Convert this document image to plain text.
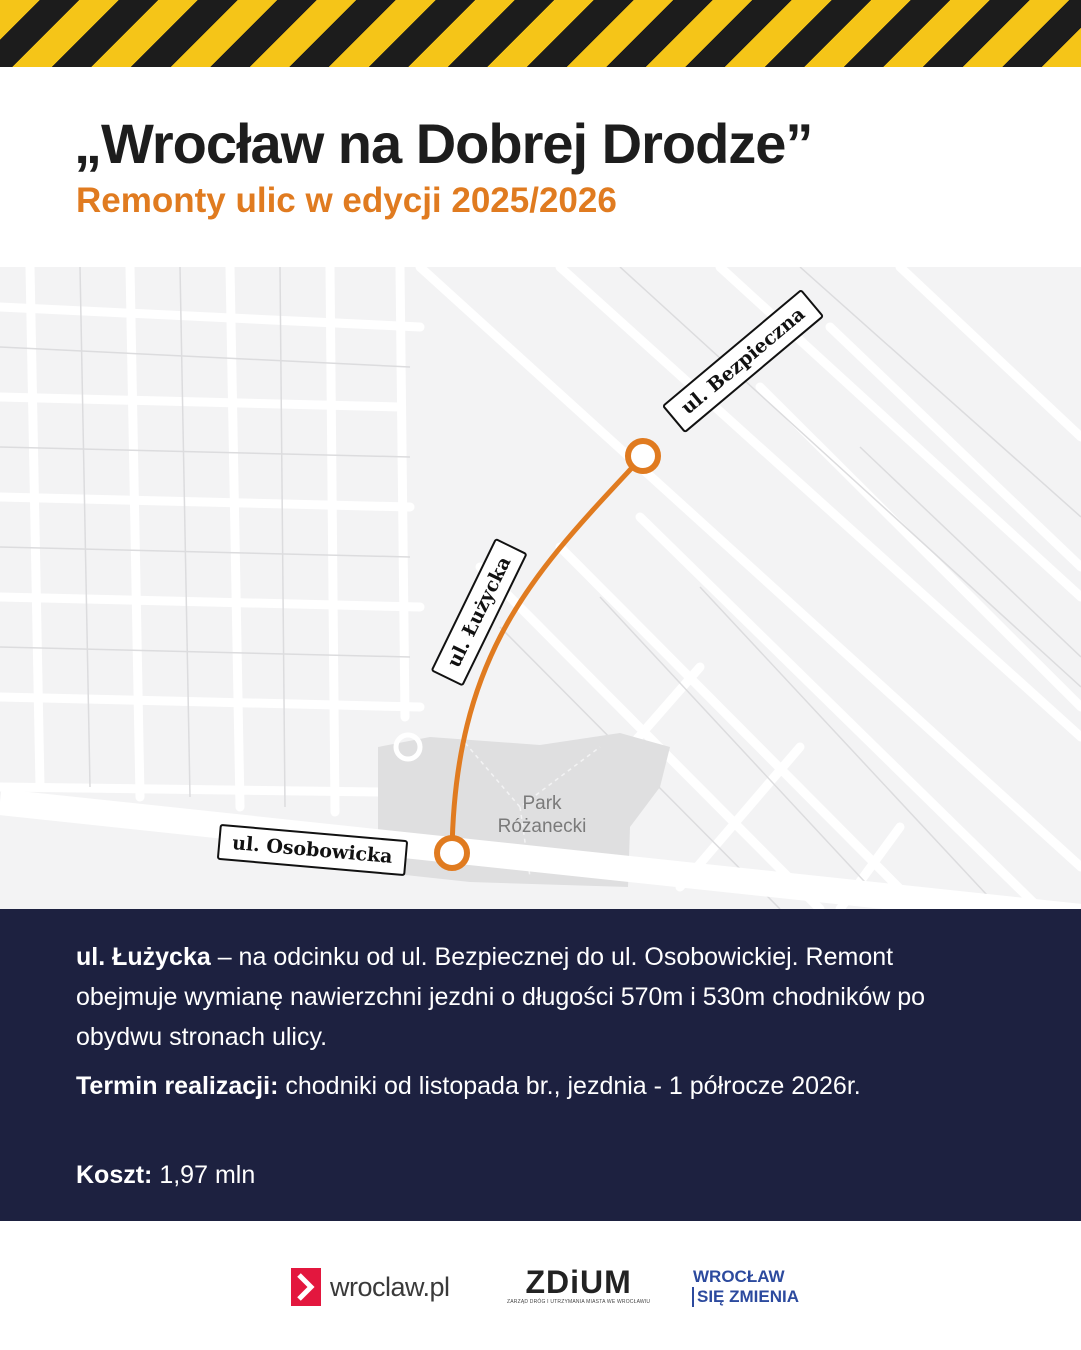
„Wrocław na Dobrej Drodze”
Remonty ulic w edycji 2025/2026
ul. Bezpieczna
ul. Łużycka
ul. Osobowicka
Park
Różanecki

ul. Łużycka – na odcinku od ul. Bezpiecznej do ul. Osobowickiej. Remont obejmuje wymianę nawierzchni jezdni o długości 570m i 530m chodników po obydwu stronach ulicy.

Termin realizacji: chodniki od listopada br., jezdnia - 1 półrocze 2026r.

Koszt: 1,97 mln

wroclaw.pl	ZDiUM
ZARZĄD DRÓG I UTRZYMANIA MIASTA WE WROCŁAWIU
WROCŁAW
SIĘ ZMIENIA
